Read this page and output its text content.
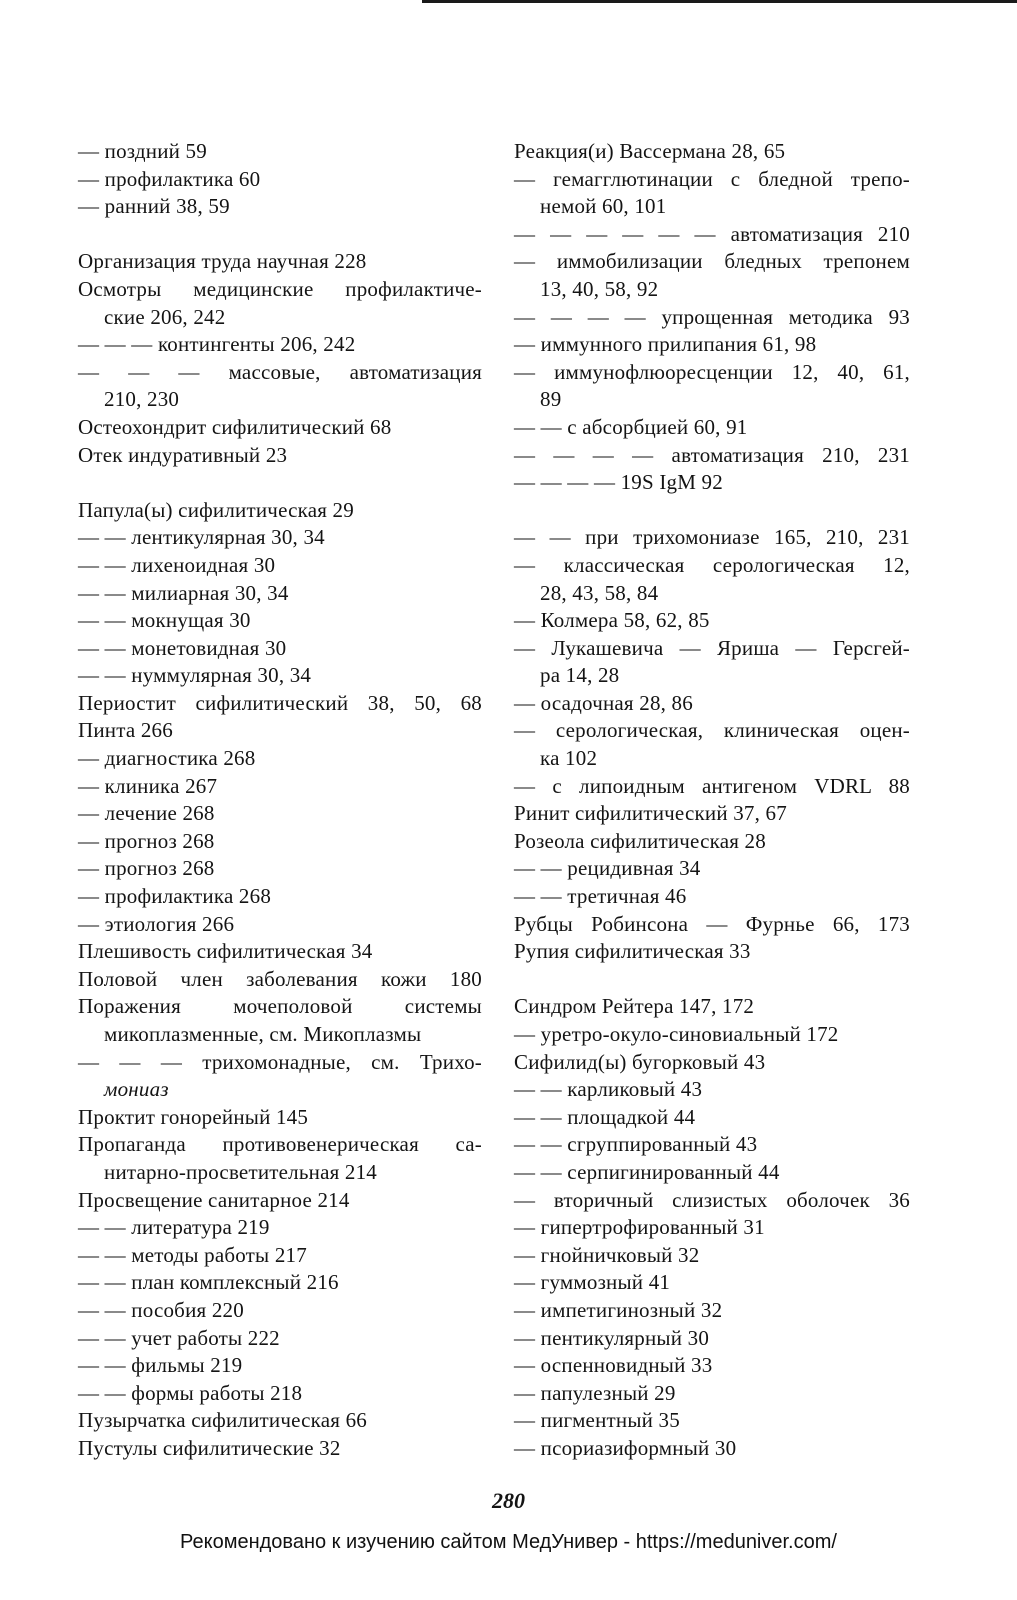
— поздний 59
— профилактика 60
— ранний 38, 59
Организация труда научная 228
Осмотры медицинские профилактиче-
ские 206, 242
— — — контингенты 206, 242
— — — массовые, автоматизация
210, 230
Остеохондрит сифилитический 68
Отек индуративный 23
Папула(ы) сифилитическая 29
— — лентикулярная 30, 34
— — лихеноидная 30
— — милиарная 30, 34
— — мокнущая 30
— — монетовидная 30
— — нуммулярная 30, 34
Периостит сифилитический 38, 50, 68
Пинта 266
— диагностика 268
— клиника 267
— лечение 268
— прогноз 268
— прогноз 268
— профилактика 268
— этиология 266
Плешивость сифилитическая 34
Половой член заболевания кожи 180
Поражения мочеполовой системы
микоплазменные, см. Микоплазмы
— — — трихомонадные, см. Трихо-
мониаз
Проктит гонорейный 145
Пропаганда противовенерическая са-
нитарно-просветительная 214
Просвещение санитарное 214
— — литература 219
— — методы работы 217
— — план комплексный 216
— — пособия 220
— — учет работы 222
— — фильмы 219
— — формы работы 218
Пузырчатка сифилитическая 66
Пустулы сифилитические 32
Реакция(и) Вассермана 28, 65
— гемагглютинации с бледной трепо-
немой 60, 101
— — — — — — автоматизация 210
— иммобилизации бледных трепонем
13, 40, 58, 92
— — — — упрощенная методика 93
— иммунного прилипания 61, 98
— иммунофлюоресценции 12, 40, 61,
89
— — с абсорбцией 60, 91
— — — — автоматизация 210, 231
— — — — 19S IgM 92
— — при трихомониазе 165, 210, 231
— классическая серологическая 12,
28, 43, 58, 84
— Колмера 58, 62, 85
— Лукашевича — Яриша — Герсгей-
ра 14, 28
— осадочная 28, 86
— серологическая, клиническая оцен-
ка 102
— с липоидным антигеном VDRL 88
Ринит сифилитический 37, 67
Розеола сифилитическая 28
— — рецидивная 34
— — третичная 46
Рубцы Робинсона — Фурнье 66, 173
Рупия сифилитическая 33
Синдром Рейтера 147, 172
— уретро-окуло-синовиальный 172
Сифилид(ы) бугорковый 43
— — карликовый 43
— — площадкой 44
— — сгруппированный 43
— — серпигинированный 44
— вторичный слизистых оболочек 36
— гипертрофированный 31
— гнойничковый 32
— гуммозный 41
— импетигинозный 32
— пентикулярный 30
— оспенновидный 33
— папулезный 29
— пигментный 35
— псориазиформный 30
280
Рекомендовано к изучению сайтом МедУнивер - https://meduniver.com/
